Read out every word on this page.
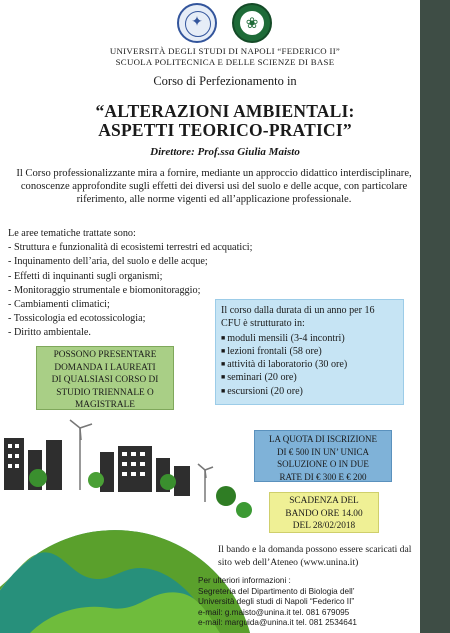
✦
❀
UNIVERSITÀ DEGLI STUDI DI NAPOLI “FEDERICO II”
SCUOLA POLITECNICA E DELLE SCIENZE DI BASE
Corso di Perfezionamento in
“ALTERAZIONI AMBIENTALI:
ASPETTI TEORICO-PRATICI”
Direttore: Prof.ssa Giulia Maisto
Il Corso professionalizzante mira a fornire, mediante un approccio didattico interdisciplinare, conoscenze approfondite sugli effetti dei diversi usi del suolo e delle acque, con particolare riferimento, alle norme vigenti ed all’applicazione professionale.
Le aree tematiche trattate sono:
- Struttura e funzionalità di ecosistemi terrestri ed acquatici;
- Inquinamento dell’aria, del suolo e delle acque;
- Effetti di inquinanti sugli organismi;
- Monitoraggio strumentale e biomonitoraggio;
- Cambiamenti climatici;
- Tossicologia ed ecotossicologia;
- Diritto ambientale.
Il corso dalla durata di un anno per 16
CFU è strutturato in:
■ moduli mensili (3-4 incontri)
■ lezioni frontali (58 ore)
■ attività di laboratorio (30 ore)
■ seminari (20 ore)
■ escursioni (20 ore)
POSSONO PRESENTARE
DOMANDA I LAUREATI
DI QUALSIASI CORSO DI
STUDIO TRIENNALE O
MAGISTRALE
LA QUOTA DI ISCRIZIONE
DI € 500 IN UN’ UNICA
SOLUZIONE O IN DUE
RATE DI € 300 E € 200
SCADENZA DEL
BANDO ORE 14.00
DEL 28/02/2018
Il bando e la domanda possono essere scaricati dal sito web dell’Ateneo (www.unina.it)
Per ulteriori informazioni :
Segreteria del Dipartimento di Biologia dell’
Università degli studi di Napoli “Federico II”
e-mail: g.maisto@unina.it tel. 081 679095
e-mail: marguida@unina.it tel. 081 2534641
